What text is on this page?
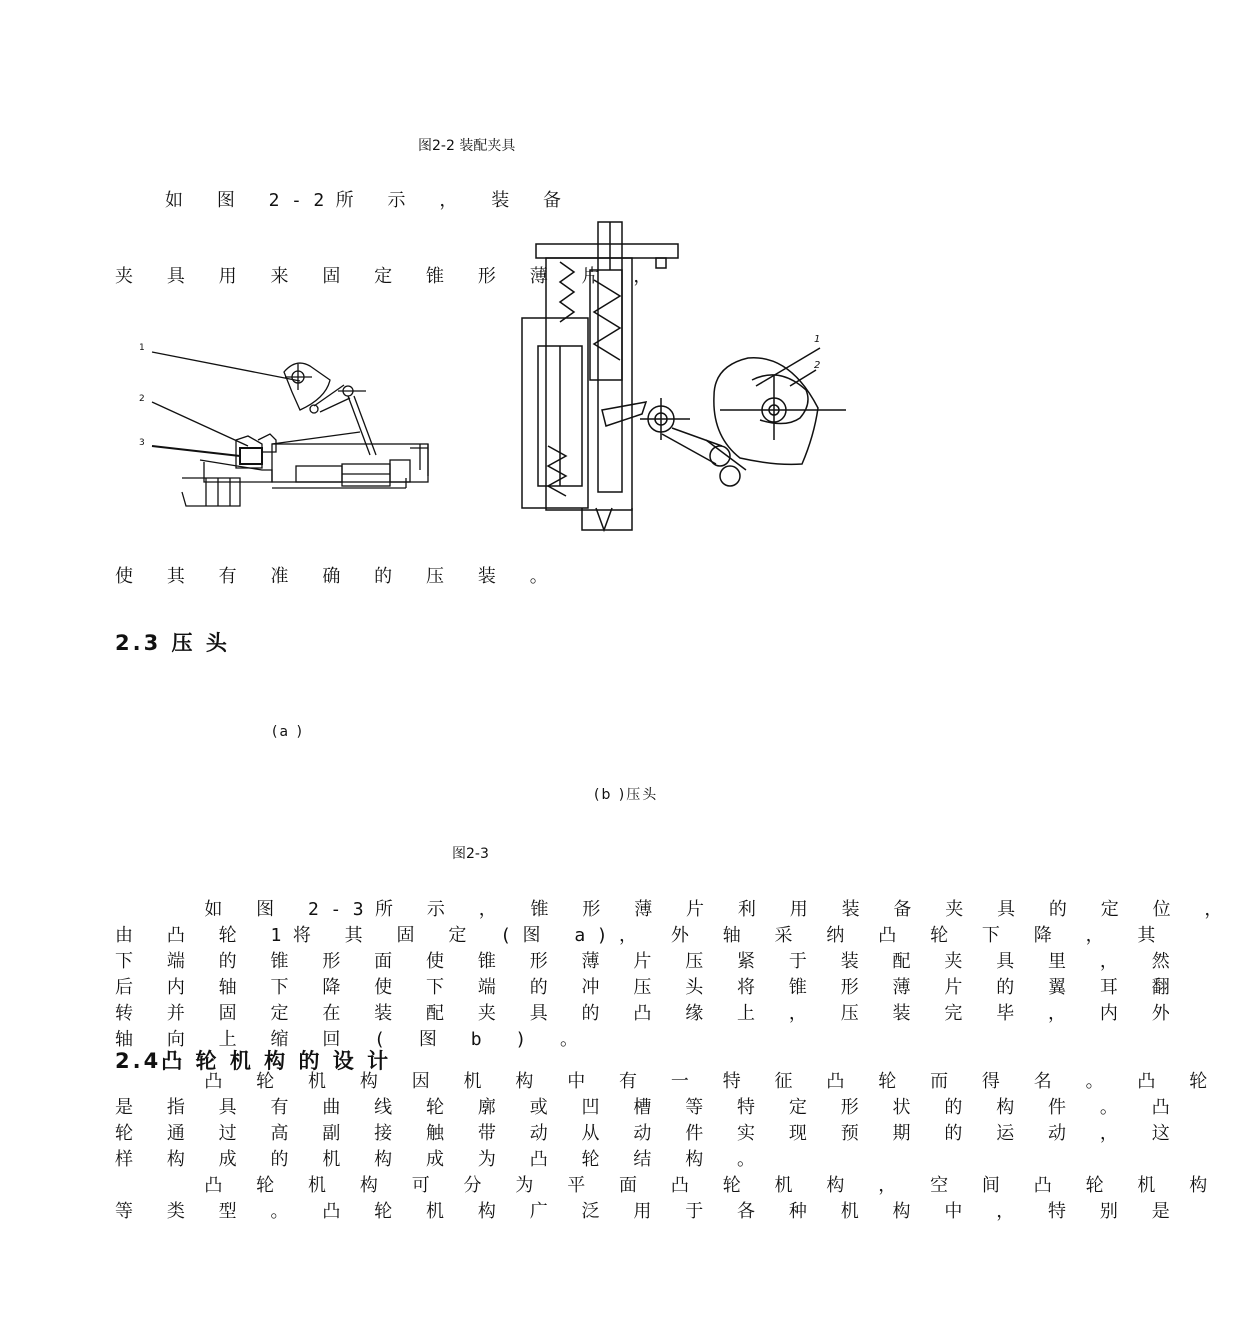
图2-2 装配夹具
如 图 2-2所 示 ， 装 备
夹 具 用 来 固 定 锥 形 薄 片 ，
1
2
3
1
2
使 其 有 准 确 的 压 装 。
2.3 压 头
(a )
(b )压头
图2-3
如 图 2-3所 示 ， 锥 形 薄 片 利 用 装 备 夹 具 的 定 位 ，
由 凸 轮 1将 其 固 定 (图 a)， 外 轴 采 纳 凸 轮 下 降 ， 其
下 端 的 锥 形 面 使 锥 形 薄 片 压 紧 于 装 配 夹 具 里 ， 然
后 内 轴 下 降 使 下 端 的 冲 压 头 将 锥 形 薄 片 的 翼 耳 翻
转 并 固 定 在 装 配 夹 具 的 凸 缘 上 ， 压 装 完 毕 ， 内 外
轴 向 上 缩 回 ( 图 b ) 。
2.4凸 轮 机 构 的 设 计
凸 轮 机 构 因 机 构 中 有 一 特 征 凸 轮 而 得 名 。 凸 轮
是 指 具 有 曲 线 轮 廓 或 凹 槽 等 特 定 形 状 的 构 件 。 凸
轮 通 过 高 副 接 触 带 动 从 动 件 实 现 预 期 的 运 动 ， 这
样 构 成 的 机 构 成 为 凸 轮 结 构 。
凸 轮 机 构 可 分 为 平 面 凸 轮 机 构 ， 空 间 凸 轮 机 构
等 类 型 。 凸 轮 机 构 广 泛 用 于 各 种 机 构 中 ， 特 别 是
